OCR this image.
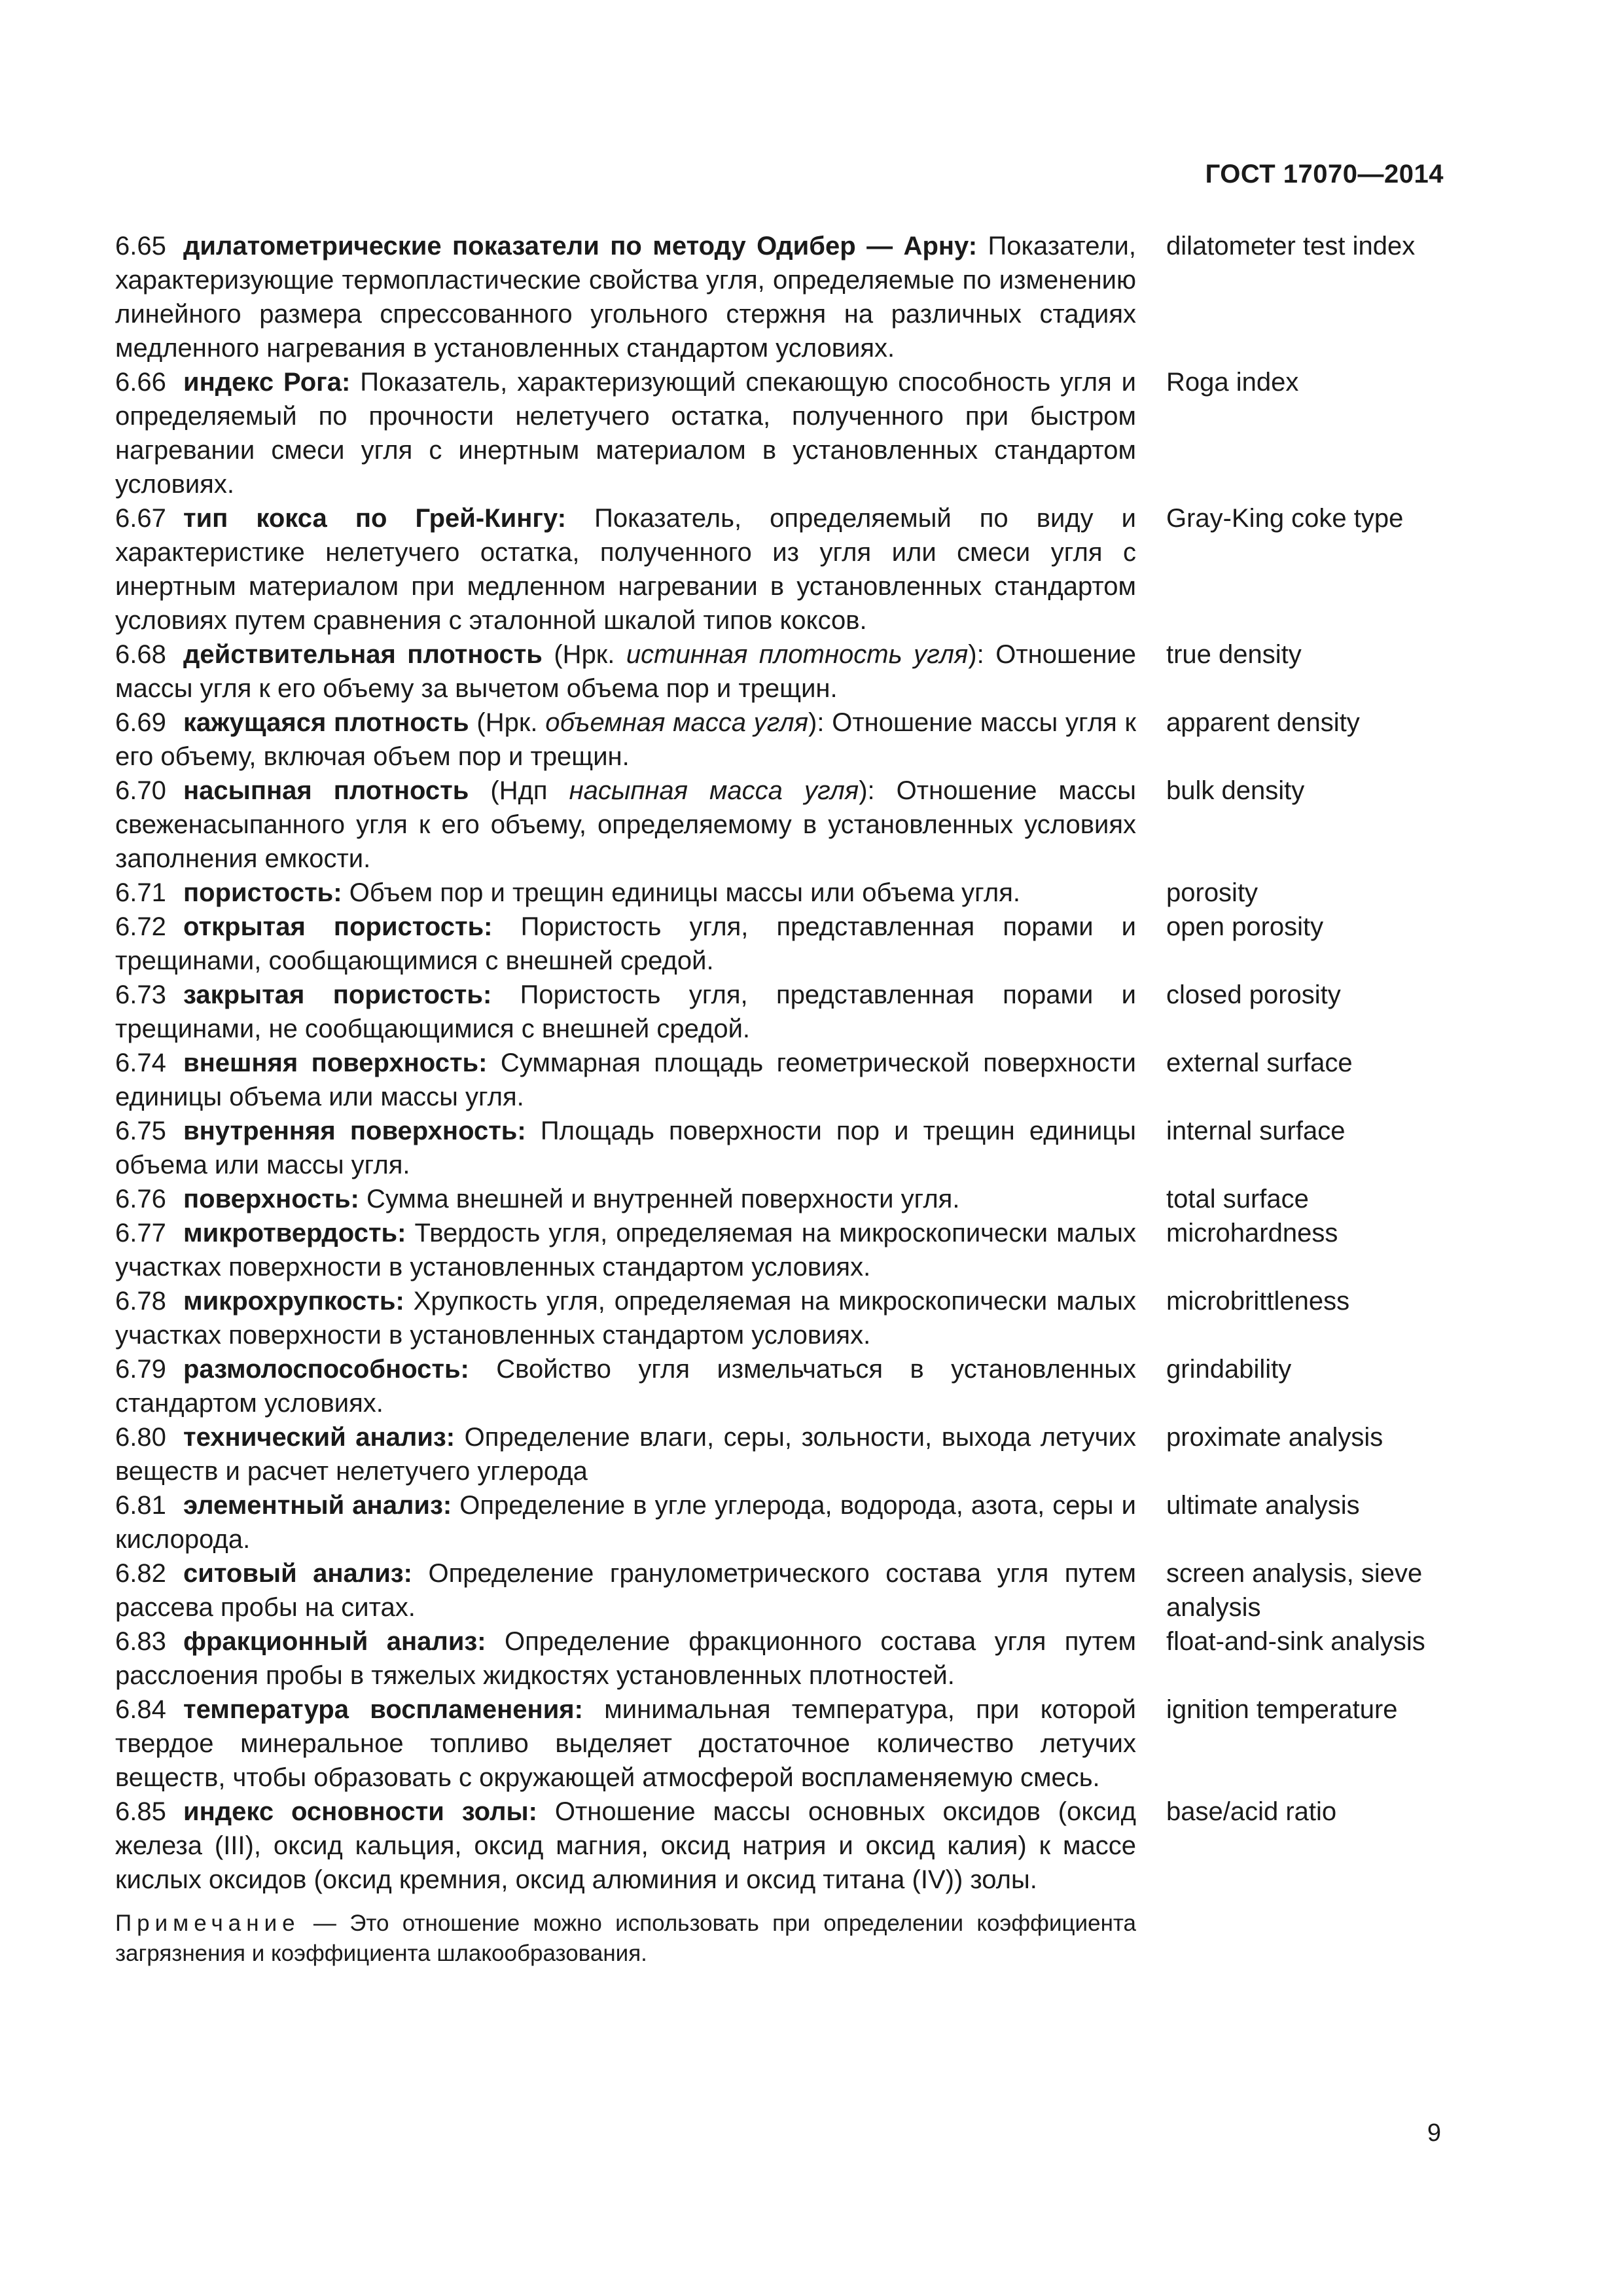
ГОСТ 17070—2014
6.65 дилатометрические показатели по методу Одибер — Арну: Показатели, характеризующие термопластические свойства угля, определяемые по изменению линейного размера спрессованного угольного стержня на различных стадиях медленного нагревания в установленных стандартом условиях.
dilatometer test index
6.66 индекс Рога: Показатель, характеризующий спекающую способность угля и определяемый по прочности нелетучего остатка, полученного при быстром нагревании смеси угля с инертным материалом в установленных стандартом условиях.
Roga index
6.67 тип кокса по Грей-Кингу: Показатель, определяемый по виду и характеристике нелетучего остатка, полученного из угля или смеси угля с инертным материалом при медленном нагревании в установленных стандартом условиях путем сравнения с эталонной шкалой типов коксов.
Gray-King coke type
6.68 действительная плотность (Нрк. истинная плотность угля): Отношение массы угля к его объему за вычетом объема пор и трещин.
true density
6.69 кажущаяся плотность (Нрк. объемная масса угля): Отношение массы угля к его объему, включая объем пор и трещин.
apparent density
6.70 насыпная плотность (Ндп насыпная масса угля): Отношение массы свеженасыпанного угля к его объему, определяемому в установленных условиях заполнения емкости.
bulk density
6.71 пористость: Объем пор и трещин единицы массы или объема угля.	porosity
6.72 открытая пористость: Пористость угля, представленная порами и трещинами, сообщающимися с внешней средой.
open porosity
6.73 закрытая пористость: Пористость угля, представленная порами и трещинами, не сообщающимися с внешней средой.
closed porosity
6.74 внешняя поверхность: Суммарная площадь геометрической поверхности единицы объема или массы угля.
external surface
6.75 внутренняя поверхность: Площадь поверхности пор и трещин единицы объема или массы угля.
internal surface
6.76 поверхность: Сумма внешней и внутренней поверхности угля.	total surface
6.77 микротвердость: Твердость угля, определяемая на микроскопически малых участках поверхности в установленных стандартом условиях.
microhardness
6.78 микрохрупкость: Хрупкость угля, определяемая на микроскопически малых участках поверхности в установленных стандартом условиях.
microbrittleness
6.79 размолоспособность: Свойство угля измельчаться в установленных стандартом условиях.
grindability
6.80 технический анализ: Определение влаги, серы, зольности, выхода летучих веществ и расчет нелетучего углерода
proximate analysis
6.81 элементный анализ: Определение в угле углерода, водорода, азота, серы и кислорода.
ultimate analysis
6.82 ситовый анализ: Определение гранулометрического состава угля путем рассева пробы на ситах.
screen analysis, sieve analysis
6.83 фракционный анализ: Определение фракционного состава угля путем расслоения пробы в тяжелых жидкостях установленных плотностей.
float-and-sink analysis
6.84 температура воспламенения: минимальная температура, при которой твердое минеральное топливо выделяет достаточное количество летучих веществ, чтобы образовать с окружающей атмосферой воспламеняемую смесь.
ignition temperature
6.85 индекс основности золы: Отношение массы основных оксидов (оксид железа (III), оксид кальция, оксид магния, оксид натрия и оксид калия) к массе кислых оксидов (оксид кремния, оксид алюминия и оксид титана (IV)) золы.
base/acid ratio
Примечание — Это отношение можно использовать при определении коэффициента загрязнения и коэффициента шлакообразования.
9
